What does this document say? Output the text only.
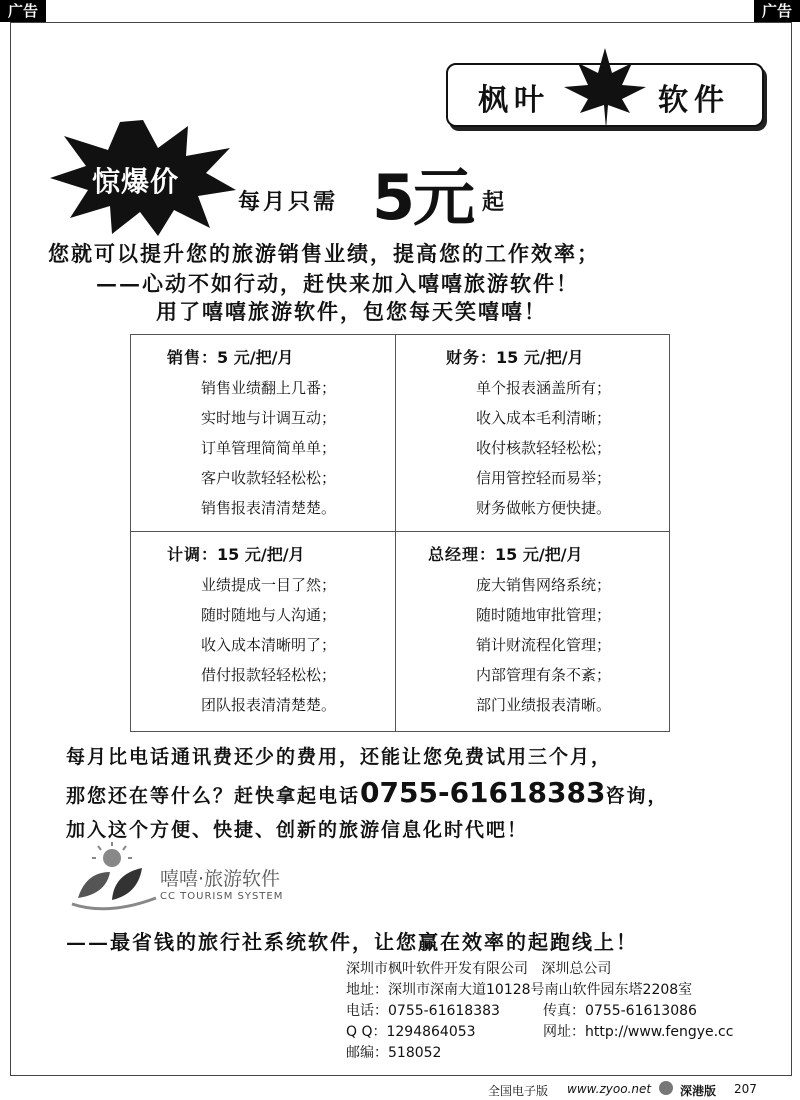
广告	广告
枫叶	软件
惊爆价
每月只需 5元 起
您就可以提升您的旅游销售业绩，提高您的工作效率；
——心动不如行动，赶快来加入嘻嘻旅游软件！
用了嘻嘻旅游软件，包您每天笑嘻嘻！
销售：5 元/把/月
销售业绩翻上几番；
实时地与计调互动；
订单管理简简单单；
客户收款轻轻松松；
销售报表清清楚楚。
财务：15 元/把/月
单个报表涵盖所有；
收入成本毛利清晰；
收付核款轻轻松松；
信用管控轻而易举；
财务做帐方便快捷。
计调：15 元/把/月
业绩提成一目了然；
随时随地与人沟通；
收入成本清晰明了；
借付报款轻轻松松；
团队报表清清楚楚。
总经理：15 元/把/月
庞大销售网络系统；
随时随地审批管理；
销计财流程化管理；
内部管理有条不紊；
部门业绩报表清晰。
每月比电话通讯费还少的费用，还能让您免费试用三个月，
那您还在等什么？赶快拿起电话0755-61618383咨询，
加入这个方便、快捷、创新的旅游信息化时代吧！
嘻嘻·旅游软件
CC TOURISM SYSTEM
——最省钱的旅行社系统软件，让您赢在效率的起跑线上！
深圳市枫叶软件开发有限公司 深圳总公司
地址：深圳市深南大道10128号南山软件园东塔2208室
电话：0755-61618383	传真：0755-61613086
Q Q：1294864053	网址：http://www.fengye.cc
邮编：518052
全国电子版 www.zyoo.net 深港版 207
